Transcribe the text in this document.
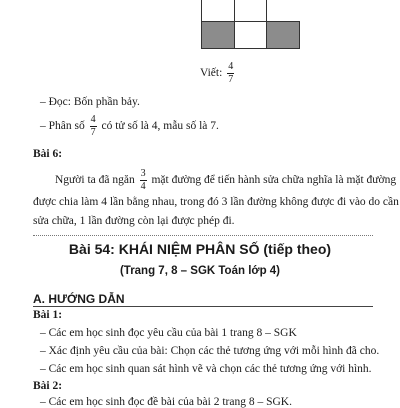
Viết: $\frac{4}{7}$
– Đọc: Bốn phần bảy.
– Phân số $\frac{4}{7}$ có tử số là 4, mẫu số là 7.
Bài 6:
Người ta đã ngăn $\frac{3}{4}$ mặt đường để tiến hành sửa chữa nghĩa là mặt đường
được chia làm 4 lần bằng nhau, trong đó 3 lần đường không được đi vào do cần
sửa chữa, 1 lần đường còn lại được phép đi.
Bài 54: KHÁI NIỆM PHÂN SỐ (tiếp theo)
(Trang 7, 8 – SGK Toán lớp 4)
A. HƯỚNG DẪN
Bài 1:
– Các em học sinh đọc yêu cầu của bài 1 trang 8 – SGK
– Xác định yêu cầu của bài: Chọn các thẻ tương ứng với mỗi hình đã cho.
– Các em học sinh quan sát hình vẽ và chọn các thẻ tương ứng với hình.
Bài 2:
– Các em học sinh đọc đề bài của bài 2 trang 8 – SGK.
